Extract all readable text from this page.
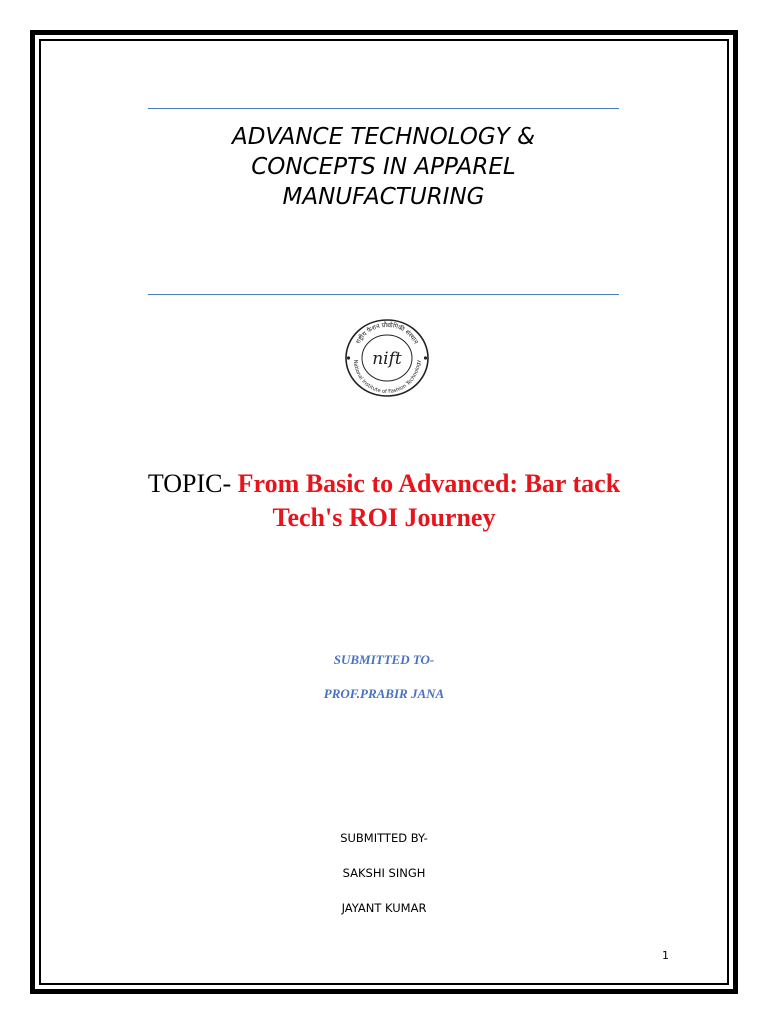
ADVANCE TECHNOLOGY &
CONCEPTS IN APPAREL
MANUFACTURING
राष्ट्रीय फैशन प्रौद्योगिकी संस्थान
National Institute of Fashion Technology
nift
TOPIC- From Basic to Advanced: Bar tack
Tech's ROI Journey
SUBMITTED TO-
PROF.PRABIR JANA
SUBMITTED BY-
SAKSHI SINGH
JAYANT KUMAR
1
